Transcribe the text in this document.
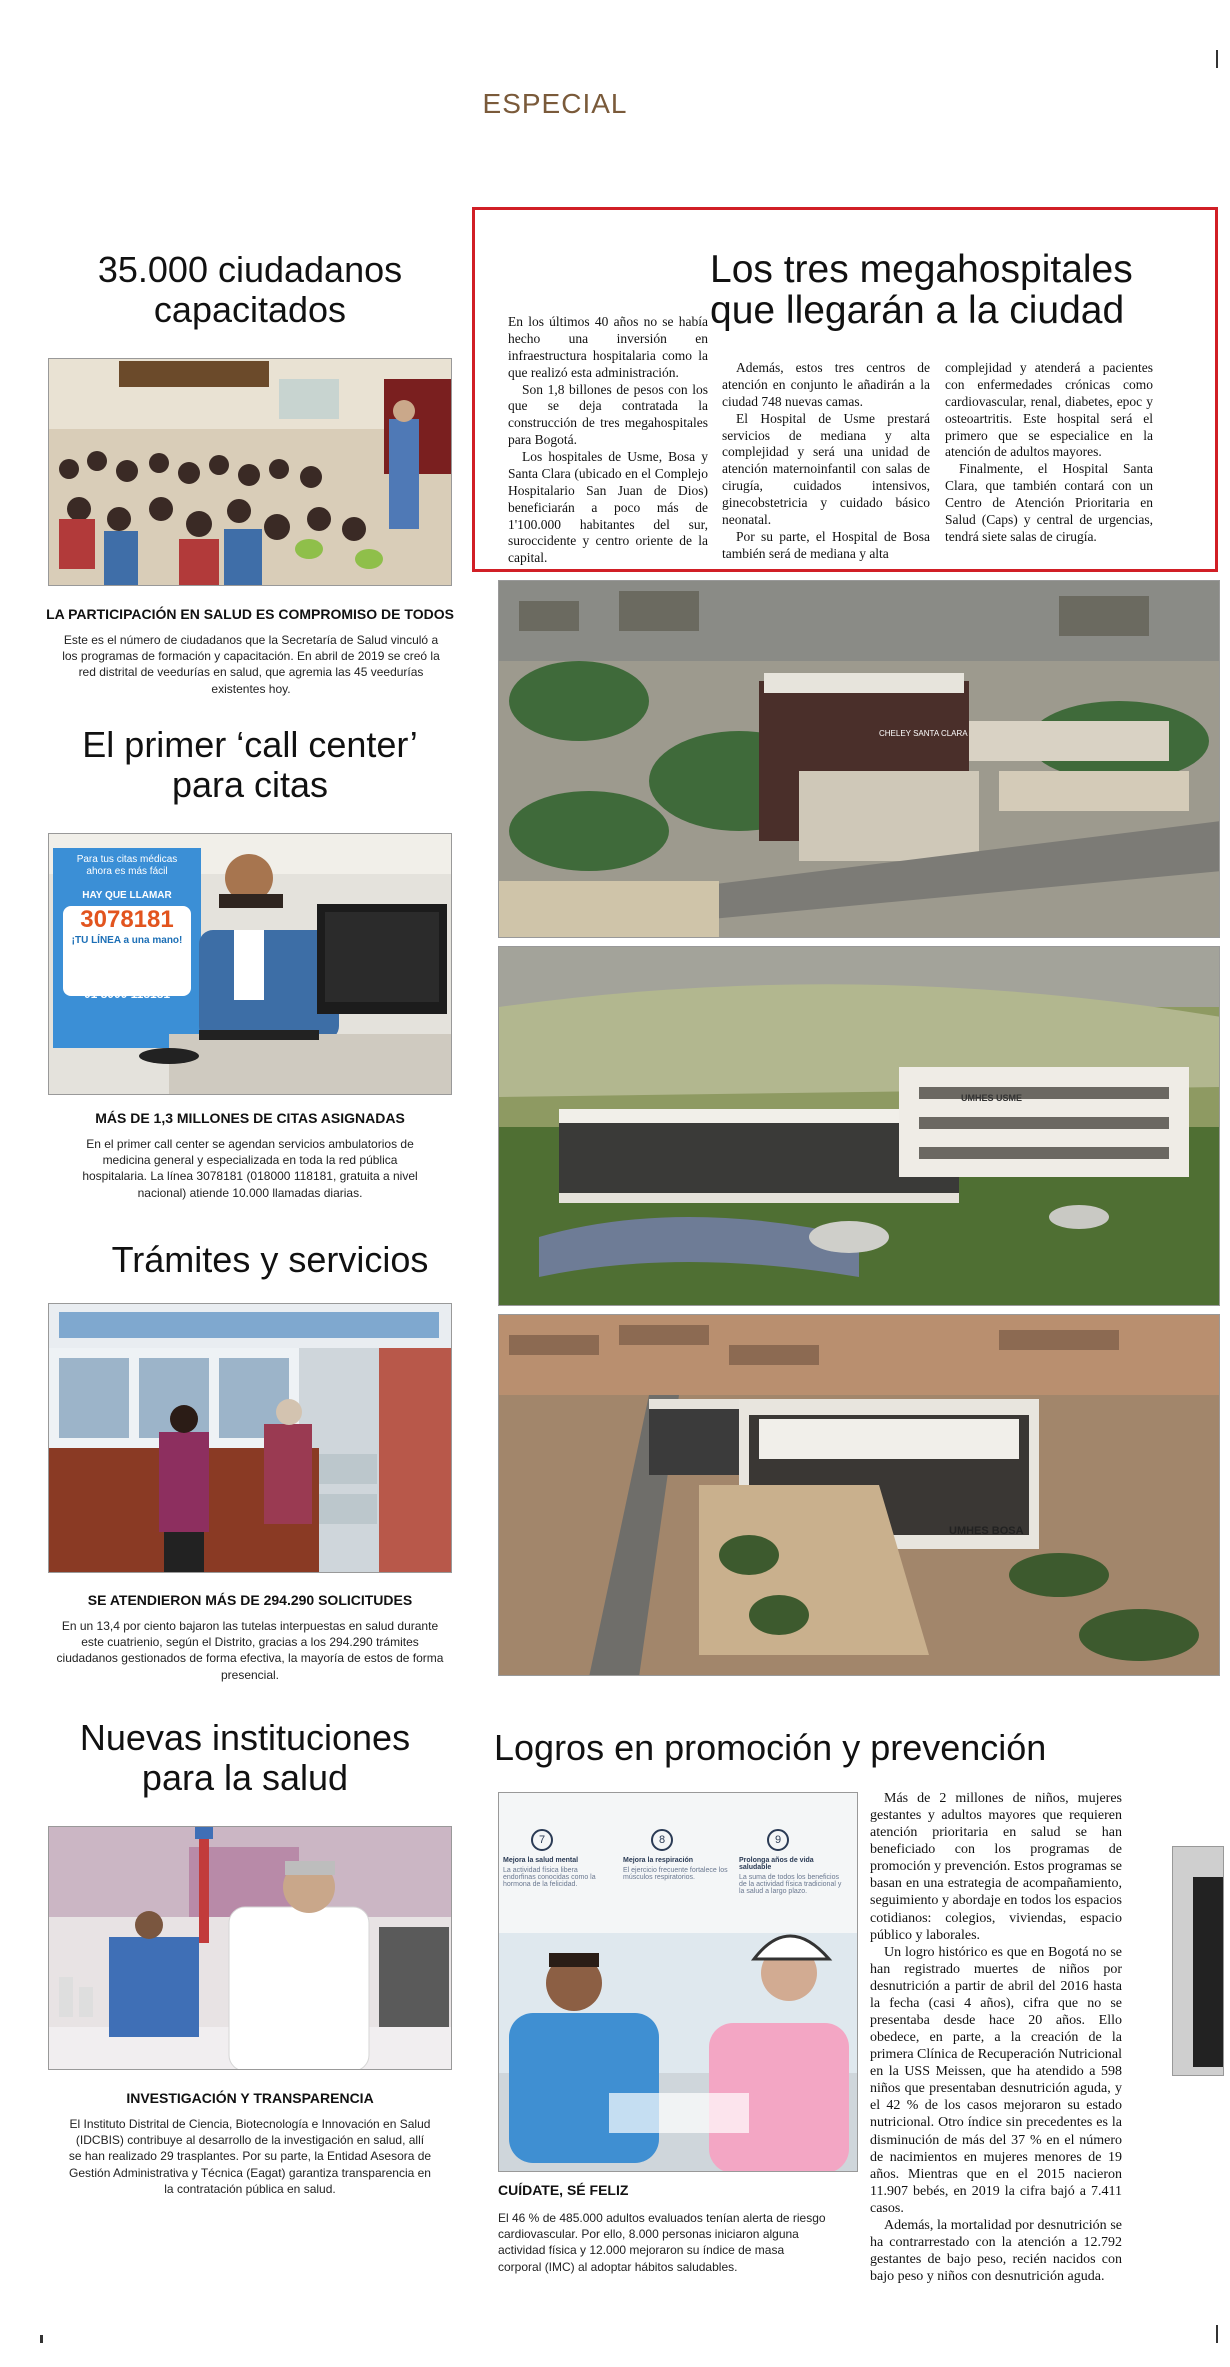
ESPECIAL
35.000 ciudadanos capacitados

LA PARTICIPACIÓN EN SALUD ES COMPROMISO DE TODOS

Este es el número de ciudadanos que la Secretaría de Salud vinculó a los programas de formación y capacitación. En abril de 2019 se creó la red distrital de veedurías en salud, que agremia las 45 veedurías existentes hoy.

El primer ‘call center’ para citas
Para tus citas médicas
ahora es más fácil
HAY QUE LLAMAR
3078181
¡TU LÍNEA a una mano!
01 8000 118181

MÁS DE 1,3 MILLONES DE CITAS ASIGNADAS

En el primer call center se agendan servicios ambulatorios de medicina general y especializada en toda la red pública hospitalaria. La línea 3078181 (018000 118181, gratuita a nivel nacional) atiende 10.000 llamadas diarias.

Trámites y servicios

SE ATENDIERON MÁS DE 294.290 SOLICITUDES

En un 13,4 por ciento bajaron las tutelas interpuestas en salud durante este cuatrienio, según el Distrito, gracias a los 294.290 trámites ciudadanos gestionados de forma efectiva, la mayoría de estos de forma presencial.

Nuevas instituciones para la salud

INVESTIGACIÓN Y TRANSPARENCIA

El Instituto Distrital de Ciencia, Biotecnología e Innovación en Salud (IDCBIS) contribuye al desarrollo de la investigación en salud, allí se han realizado 29 trasplantes. Por su parte, la Entidad Asesora de Gestión Administrativa y Técnica (Eagat) garantiza transparencia en la contratación pública en salud.

Los tres megahospitales que llegarán a la ciudad

En los últimos 40 años no se había hecho una inversión en infraestructura hospitalaria como la que realizó esta administración.

Son 1,8 billones de pesos con los que se deja contratada la construcción de tres megahospitales para Bogotá.

Los hospitales de Usme, Bosa y Santa Clara (ubicado en el Complejo Hospitalario San Juan de Dios) beneficiarán a poco más de 1'100.000 habitantes del sur, suroccidente y centro oriente de la capital.

Además, estos tres centros de atención en conjunto le añadirán a la ciudad 748 nuevas camas.

El Hospital de Usme prestará servicios de mediana y alta complejidad y será una unidad de atención maternoinfantil con salas de cirugía, cuidados intensivos, ginecobstetricia y cuidado básico neonatal.

Por su parte, el Hospital de Bosa también será de mediana y alta

complejidad y atenderá a pacientes con enfermedades crónicas como cardiovascular, renal, diabetes, epoc y osteoartritis. Este hospital será el primero que se especialice en la atención de adultos mayores.

Finalmente, el Hospital Santa Clara, que también contará con un Centro de Atención Prioritaria en Salud (Caps) y central de urgencias, tendrá siete salas de cirugía.

CHELEY SANTA CLARA
UMHES USME
UMHES BOSA
Logros en promoción y prevención
7
Mejora la salud mental
La actividad física libera endorfinas conocidas como la hormona de la felicidad.
8
Mejora la respiración
El ejercicio frecuente fortalece los músculos respiratorios.
9
Prolonga años de vida saludable
La suma de todos los beneficios de la actividad física tradicional y la salud a largo plazo.

CUÍDATE, SÉ FELIZ

El 46 % de 485.000 adultos evaluados tenían alerta de riesgo cardiovascular. Por ello, 8.000 personas iniciaron alguna actividad física y 12.000 mejoraron su índice de masa corporal (IMC) al adoptar hábitos saludables.

Más de 2 millones de niños, mujeres gestantes y adultos mayores que requieren atención prioritaria en salud se han beneficiado con los programas de promoción y prevención. Estos programas se basan en una estrategia de acompañamiento, seguimiento y abordaje en todos los espacios cotidianos: colegios, viviendas, espacio público y laborales.

Un logro histórico es que en Bogotá no se han registrado muertes de niños por desnutrición a partir de abril del 2016 hasta la fecha (casi 4 años), cifra que no se presentaba desde hace 20 años. Ello obedece, en parte, a la creación de la primera Clínica de Recuperación Nutricional en la USS Meissen, que ha atendido a 598 niños que presentaban desnutrición aguda, y el 42 % de los casos mejoraron su estado nutricional. Otro índice sin precedentes es la disminución de más del 37 % en el número de nacimientos en mujeres menores de 19 años. Mientras que en el 2015 nacieron 11.907 bebés, en 2019 la cifra bajó a 7.411 casos.

Además, la mortalidad por desnutrición se ha contrarrestado con la atención a 12.792 gestantes de bajo peso, recién nacidos con bajo peso y niños con desnutrición aguda.
